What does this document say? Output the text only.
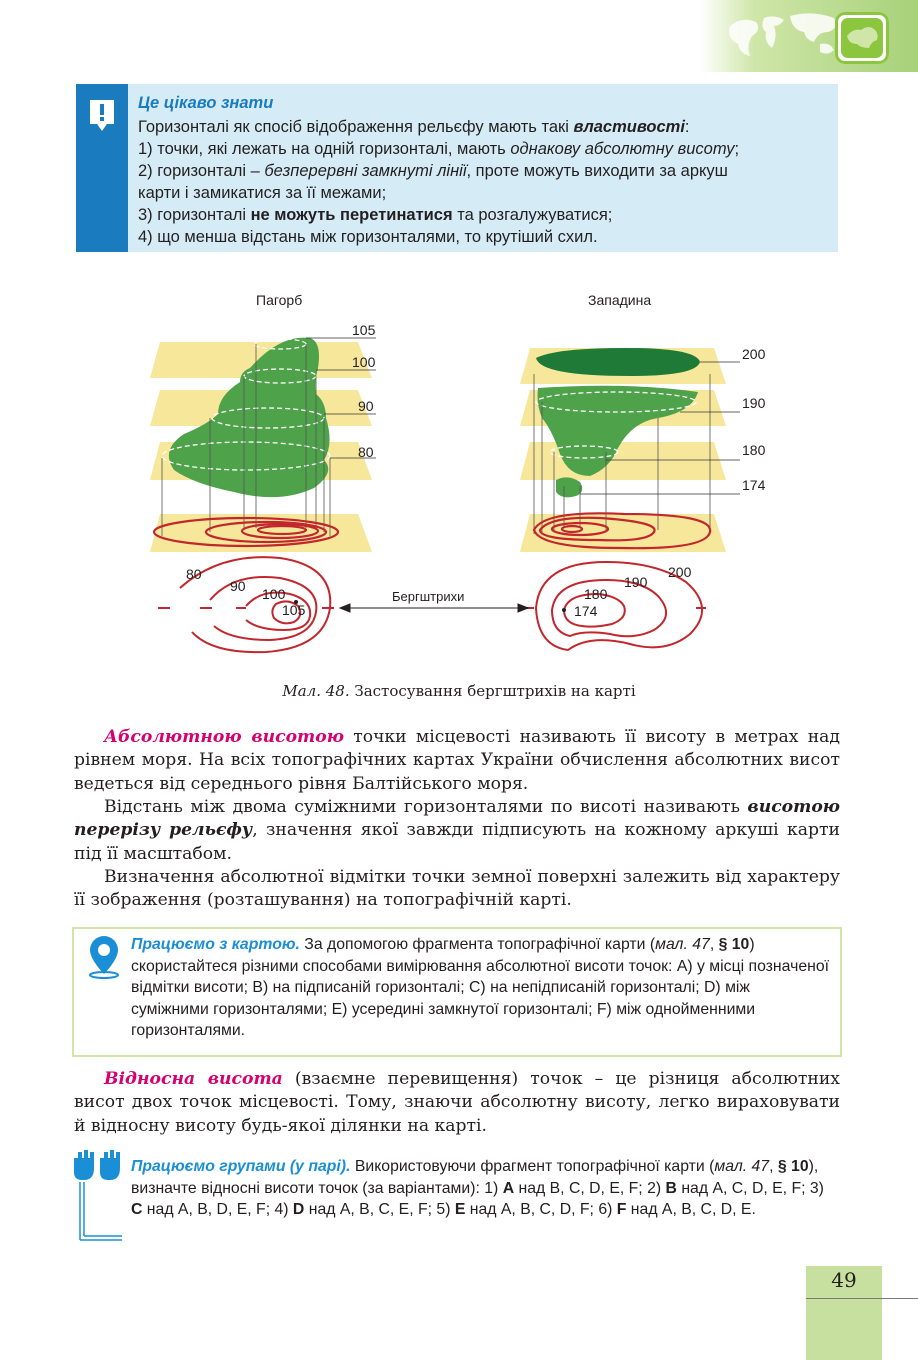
Це цікаво знати
Горизонталі як спосіб відображення рельєфу мають такі властивості:
1) точки, які лежать на одній горизонталі, мають однакову абсолютну висоту;
2) горизонталі – безперервні замкнуті лінії, проте можуть виходити за аркуш
карти і замикатися за її межами;
3) горизонталі не можуть перетинатися та розгалужуватися;
4) що менша відстань між горизонталями, то крутіший схил.
Пагорб	Западина
105
100
90
80
200
190
180
174
80
90 100
105
200
190
180
174
Бергштрихи
Мал. 48. Застосування бергштрихів на карті
Абсолютною висотою точки місцевості називають її висоту в метрах над рівнем моря. На всіх топографічних картах України обчислення абсолютних висот ведеться від середнього рівня Балтійського моря.
Відстань між двома суміжними горизонталями по висоті називають висотою перерізу рельєфу, значення якої завжди підписують на кожному аркуші карти під її масштабом.
Визначення абсолютної відмітки точки земної поверхні залежить від характеру її зображення (розташування) на топографічній карті.
Працюємо з картою. За допомогою фрагмента топографічної карти (мал. 47, § 10) скористайтеся різними способами вимірювання абсолютної висоти точок: А) у місці позначеної відмітки висоти; В) на підписаній горизонталі; С) на непідписаній горизонталі; D) між суміжними горизонталями; E) усередині замкнутої горизонталі; F) між однойменними горизонталями.
Відносна висота (взаємне перевищення) точок – це різниця абсолютних висот двох точок місцевості. Тому, знаючи абсолютну висоту, легко вираховувати й відносну висоту будь-якої ділянки на карті.
Працюємо групами (у парі). Використовуючи фрагмент топографічної карти (мал. 47, § 10), визначте відносні висоти точок (за варіантами): 1) A над B, C, D, E, F; 2) B над A, C, D, E, F; 3) C над A, B, D, E, F; 4) D над A, B, C, E, F; 5) E над A, B, C, D, F; 6) F над A, B, C, D, E.
49
